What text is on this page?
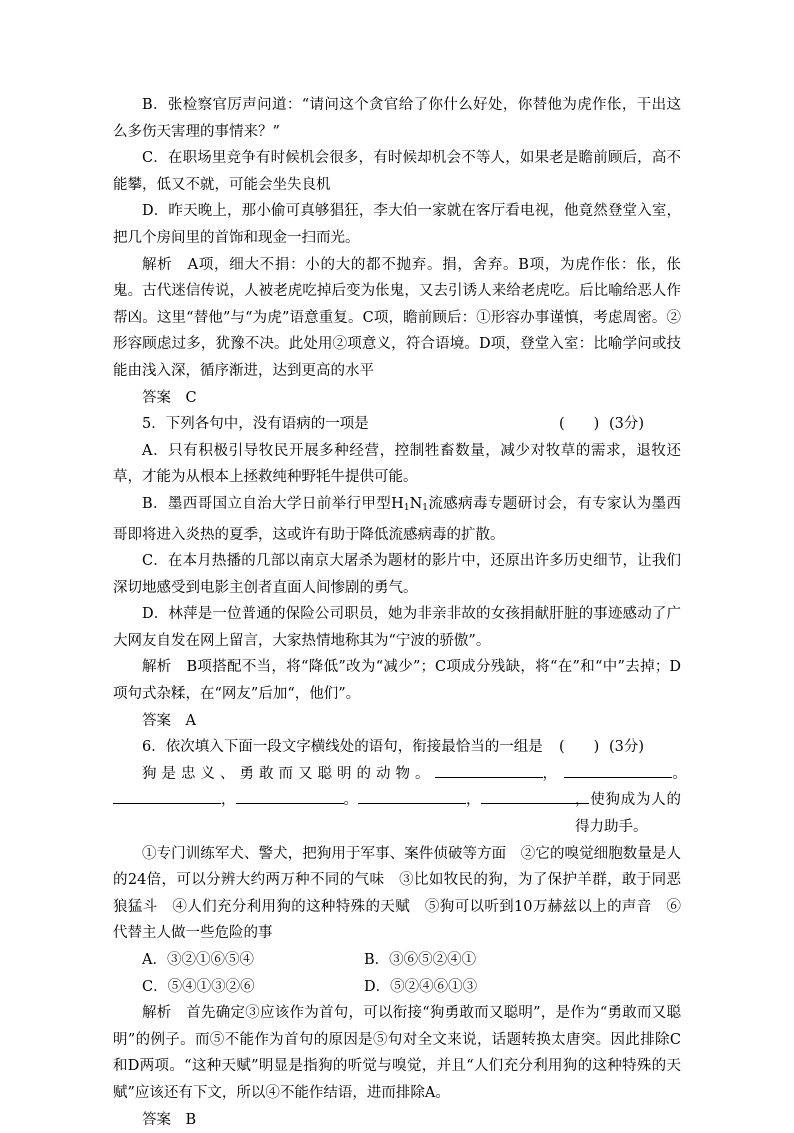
B．张检察官厉声问道：“请问这个贪官给了你什么好处，你替他为虎作伥，干出这么多伤天害理的事情来？”
C．在职场里竞争有时候机会很多，有时候却机会不等人，如果老是瞻前顾后，高不能攀，低又不就，可能会坐失良机
D．昨天晚上，那小偷可真够猖狂，李大伯一家就在客厅看电视，他竟然登堂入室，把几个房间里的首饰和现金一扫而光。
解析　 A项，细大不捐：小的大的都不抛弃。捐，舍弃。B项，为虎作伥：伥，伥鬼。古代迷信传说，人被老虎吃掉后变为伥鬼，又去引诱人来给老虎吃。后比喻给恶人作帮凶。这里“替他”与“为虎”语意重复。C项，瞻前顾后：①形容办事谨慎，考虑周密。②形容顾虑过多，犹豫不决。此处用②项意义，符合语境。D项，登堂入室：比喻学问或技能由浅入深，循序渐进，达到更高的水平
答案　 C
5．下列各句中，没有语病的一项是	(　　) (3分)
A．只有积极引导牧民开展多种经营，控制牲畜数量，减少对牧草的需求，退牧还草，才能为从根本上拯救纯种野牦牛提供可能。
B．墨西哥国立自治大学日前举行甲型$H_1N_1$流感病毒专题研讨会，有专家认为墨西哥即将进入炎热的夏季，这或许有助于降低流感病毒的扩散。
C．在本月热播的几部以南京大屠杀为题材的影片中，还原出许多历史细节，让我们深切地感受到电影主创者直面人间惨剧的勇气。
D．林萍是一位普通的保险公司职员，她为非亲非故的女孩捐献肝脏的事迹感动了广大网友自发在网上留言，大家热情地称其为“宁波的骄傲”。
解析　 B项搭配不当，将“降低”改为“减少”；C项成分残缺，将“在”和“中”去掉；D项句式杂糅，在“网友”后加“，他们”。
答案　 A
6．依次填入下面一段文字横线处的语句，衔接最恰当的一组是 (　　) (3分)
狗是忠义、勇敢而又聪明的动物。	，　	。
，	。	，	，使狗成为人的得力助手。
①专门训练军犬、警犬，把狗用于军事、案件侦破等方面　②它的嗅觉细胞数量是人的24倍，可以分辨大约两万种不同的气味　③比如牧民的狗，为了保护羊群，敢于同恶狼猛斗　④人们充分利用狗的这种特殊的天赋　⑤狗可以听到10万赫兹以上的声音　⑥代替主人做一些危险的事
A．③②①⑥⑤④	B．③⑥⑤②④①
C．⑤④①③②⑥	D．⑤②④⑥①③
解析　 首先确定③应该作为首句，可以衔接“狗勇敢而又聪明”，是作为“勇敢而又聪明”的例子。而⑤不能作为首句的原因是⑤句对全文来说，话题转换太唐突。因此排除C和D两项。“这种天赋”明显是指狗的听觉与嗅觉，并且“人们充分利用狗的这种特殊的天赋”应该还有下文，所以④不能作结语，进而排除A。
答案　 B
